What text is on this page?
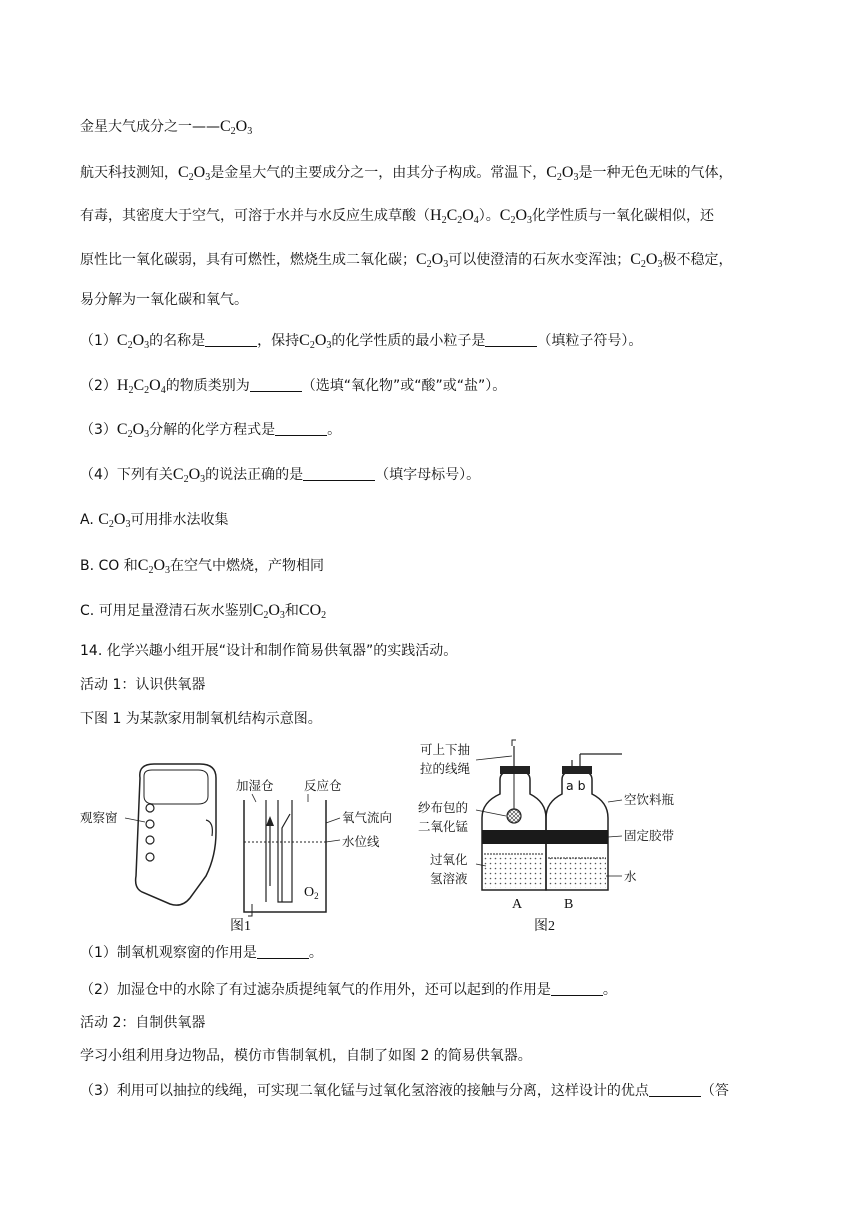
金星大气成分之一$——C_2O_3$
航天科技测知，$C_2O_3$是金星大气的主要成分之一，由其分子构成。常温下，$C_2O_3$是一种无色无味的气体，
有毒，其密度大于空气，可溶于水并与水反应生成草酸$(H_2C_2O_4)$。$C_2O_3$化学性质与一氧化碳相似，还
原性比一氧化碳弱，具有可燃性，燃烧生成二氧化碳；$C_2O_3$可以使澄清的石灰水变浑浊；$C_2O_3$极不稳定，
易分解为一氧化碳和氧气。
$(1)C_2O_3$的名称是	，保持$C_2O_3$的化学性质的最小粒子是	（填粒子符号）。
$(2)H_2C_2O_4$的物质类别为	（选填“氧化物”或“酸”或“盐”）。
$(3)C_2O_3$分解的化学方程式是	。
（4）下列有关$C_2O_3$的说法正确的是	（填字母标号）。
A. $C_2O_3$可用排水法收集
B. CO 和$C_2O_3$在空气中燃烧，产物相同
C. 可用足量澄清石灰水鉴别$C_2O_3$和$CO_2$
14. 化学兴趣小组开展“设计和制作简易供氧器”的实践活动。
活动 1：认识供氧器
下图 1 为某款家用制氧机结构示意图。
观察窗
加湿仓 反应仓
氧气流向
水位线
$O_2$
图1
a b
可上下抽
拉的线绳
纱布包的
二氧化锰
过氧化
氢溶液
空饮料瓶
固定胶带
水
A	B
图2
（1）制氧机观察窗的作用是	。
（2）加湿仓中的水除了有过滤杂质提纯氧气的作用外，还可以起到的作用是	。
活动 2：自制供氧器
学习小组利用身边物品，模仿市售制氧机，自制了如图 2 的简易供氧器。
（3）利用可以抽拉的线绳，可实现二氧化锰与过氧化氢溶液的接触与分离，这样设计的优点	（答
